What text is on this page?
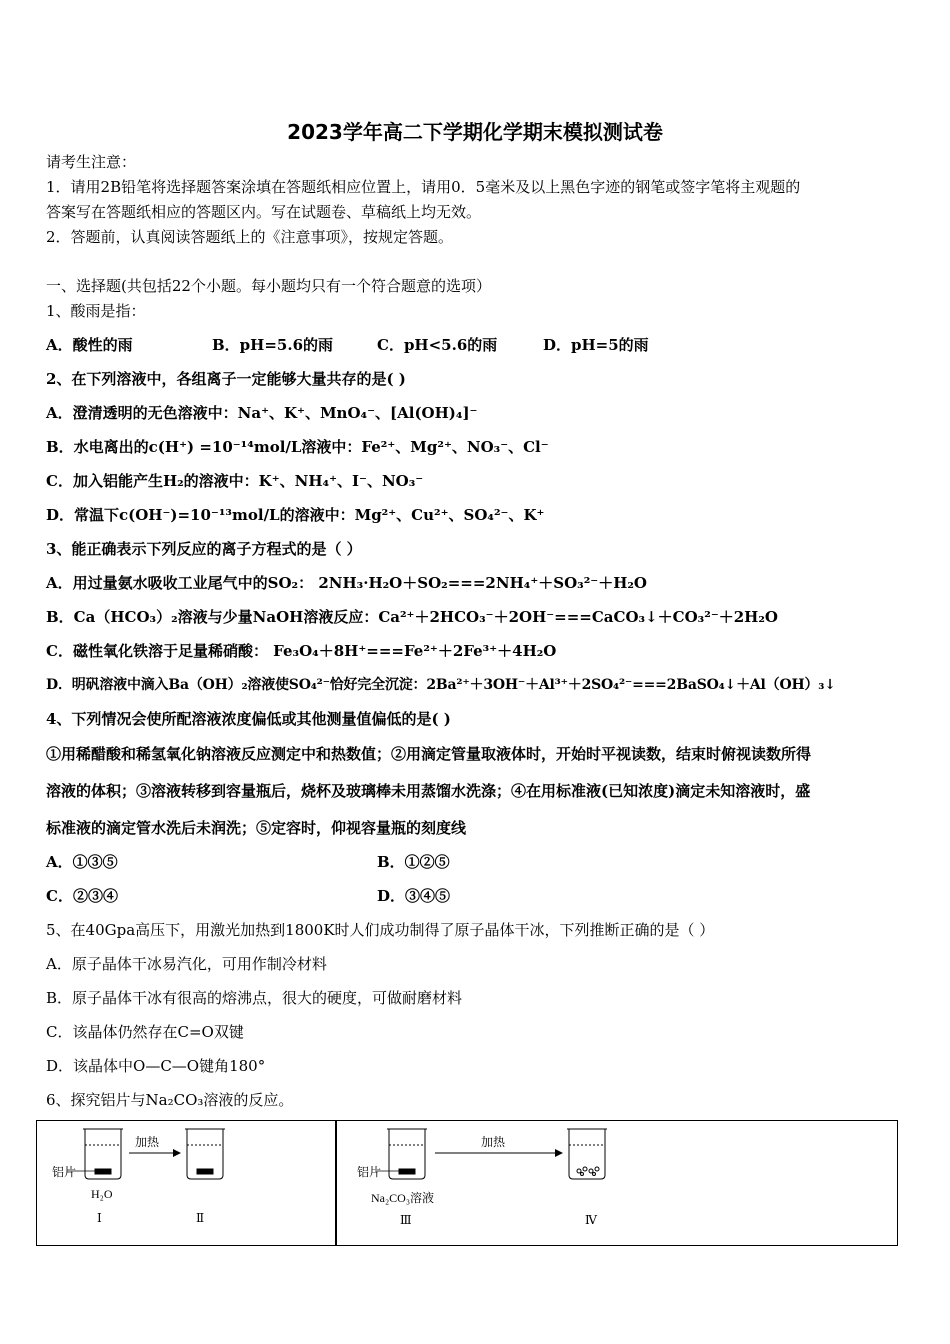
2023学年高二下学期化学期末模拟测试卷
请考生注意：
1．请用2B铅笔将选择题答案涂填在答题纸相应位置上，请用0．5毫米及以上黑色字迹的钢笔或签字笔将主观题的
答案写在答题纸相应的答题区内。写在试题卷、草稿纸上均无效。
2．答题前，认真阅读答题纸上的《注意事项》，按规定答题。
一、选择题(共包括22个小题。每小题均只有一个符合题意的选项）
1、酸雨是指：
A．酸性的雨	B．pH=5.6的雨	C．pH<5.6的雨	D．pH=5的雨
2、在下列溶液中，各组离子一定能够大量共存的是( )
A．澄清透明的无色溶液中：Na⁺、K⁺、MnO₄⁻、[Al(OH)₄]⁻
B．水电离出的c(H⁺) =10⁻¹⁴mol/L溶液中：Fe²⁺、Mg²⁺、NO₃⁻、Cl⁻
C．加入铝能产生H₂的溶液中：K⁺、NH₄⁺、I⁻、NO₃⁻
D．常温下c(OH⁻)=10⁻¹³mol/L的溶液中：Mg²⁺、Cu²⁺、SO₄²⁻、K⁺
3、能正确表示下列反应的离子方程式的是（ ）
A．用过量氨水吸收工业尾气中的SO₂： 2NH₃·H₂O＋SO₂===2NH₄⁺＋SO₃²⁻＋H₂O
B．Ca（HCO₃）₂溶液与少量NaOH溶液反应：Ca²⁺＋2HCO₃⁻＋2OH⁻===CaCO₃↓＋CO₃²⁻＋2H₂O
C．磁性氧化铁溶于足量稀硝酸： Fe₃O₄＋8H⁺===Fe²⁺＋2Fe³⁺＋4H₂O
D．明矾溶液中滴入Ba（OH）₂溶液使SO₄²⁻恰好完全沉淀：2Ba²⁺＋3OH⁻＋Al³⁺＋2SO₄²⁻===2BaSO₄↓＋Al（OH）₃↓
4、下列情况会使所配溶液浓度偏低或其他测量值偏低的是( )
①用稀醋酸和稀氢氧化钠溶液反应测定中和热数值；②用滴定管量取液体时，开始时平视读数，结束时俯视读数所得
溶液的体积；③溶液转移到容量瓶后，烧杯及玻璃棒未用蒸馏水洗涤；④在用标准液(已知浓度)滴定未知溶液时，盛
标准液的滴定管水洗后未润洗；⑤定容时，仰视容量瓶的刻度线
A．①③⑤	B．①②⑤
C．②③④	D．③④⑤
5、在40Gpa高压下，用激光加热到1800K时人们成功制得了原子晶体干冰，下列推断正确的是（ ）
A．原子晶体干冰易汽化，可用作制冷材料
B．原子晶体干冰有很高的熔沸点，很大的硬度，可做耐磨材料
C．该晶体仍然存在C=O双键
D．该晶体中O—C—O键角180°
6、探究铝片与Na₂CO₃溶液的反应。
加热
铝片
H₂O
Ⅰ	Ⅱ
加热
铝片
Na₂CO₃溶液
Ⅲ	Ⅳ
